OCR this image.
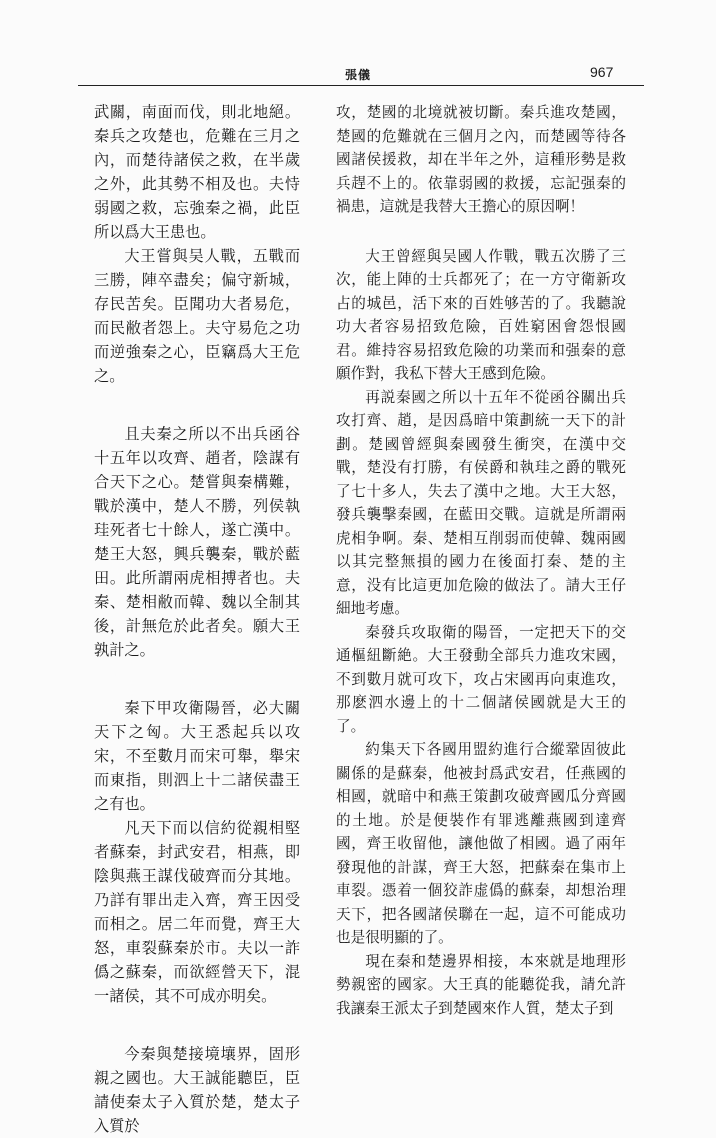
張儀	967

武關，南面而伐，則北地絕。秦兵之攻楚也，危難在三月之內，而楚待諸侯之救，在半歲之外，此其勢不相及也。夫恃弱國之救，忘強秦之禍，此臣所以爲大王患也。

大王嘗與吴人戰，五戰而三勝，陣卒盡矣；偏守新城，存民苦矣。臣聞功大者易危，而民敝者怨上。夫守易危之功而逆強秦之心，臣竊爲大王危之。

且夫秦之所以不出兵函谷十五年以攻齊、趙者，陰謀有合天下之心。楚嘗與秦構難，戰於漢中，楚人不勝，列侯執珪死者七十餘人，遂亡漢中。楚王大怒，興兵襲秦，戰於藍田。此所謂兩虎相搏者也。夫秦、楚相敝而韓、魏以全制其後，計無危於此者矣。願大王孰計之。

秦下甲攻衛陽晉，必大關天下之匈。大王悉起兵以攻宋，不至數月而宋可舉，舉宋而東指，則泗上十二諸侯盡王之有也。

凡天下而以信約從親相堅者蘇秦，封武安君，相燕，即陰與燕王謀伐破齊而分其地。乃詳有罪出走入齊，齊王因受而相之。居二年而覺，齊王大怒，車裂蘇秦於市。夫以一詐僞之蘇秦，而欲經營天下，混一諸侯，其不可成亦明矣。

今秦與楚接境壤界，固形親之國也。大王誠能聽臣，臣請使秦太子入質於楚，楚太子入質於

攻，楚國的北境就被切斷。秦兵進攻楚國，楚國的危難就在三個月之內，而楚國等待各國諸侯援救，却在半年之外，這種形勢是救兵趕不上的。依靠弱國的救援，忘記强秦的禍患，這就是我替大王擔心的原因啊！

大王曾經與吴國人作戰，戰五次勝了三次，能上陣的士兵都死了；在一方守衛新攻占的城邑，活下來的百姓够苦的了。我聽說功大者容易招致危險，百姓窮困會怨恨國君。維持容易招致危險的功業而和强秦的意願作對，我私下替大王感到危險。

再説秦國之所以十五年不從函谷關出兵攻打齊、趙，是因爲暗中策劃統一天下的計劃。楚國曾經與秦國發生衝突，在漢中交戰，楚没有打勝，有侯爵和執珪之爵的戰死了七十多人，失去了漢中之地。大王大怒，發兵襲擊秦國，在藍田交戰。這就是所謂兩虎相争啊。秦、楚相互削弱而使韓、魏兩國以其完整無損的國力在後面打秦、楚的主意，没有比這更加危險的做法了。請大王仔細地考慮。

秦發兵攻取衛的陽晉，一定把天下的交通樞紐斷絶。大王發動全部兵力進攻宋國，不到數月就可攻下，攻占宋國再向東進攻，那麽泗水邊上的十二個諸侯國就是大王的了。

約集天下各國用盟約進行合縱鞏固彼此關係的是蘇秦，他被封爲武安君，任燕國的相國，就暗中和燕王策劃攻破齊國瓜分齊國的土地。於是便裝作有罪逃離燕國到達齊國，齊王收留他，讓他做了相國。過了兩年發現他的計謀，齊王大怒，把蘇秦在集市上車裂。憑着一個狡詐虚僞的蘇秦，却想治理天下，把各國諸侯聯在一起，這不可能成功也是很明顯的了。

現在秦和楚邊界相接，本來就是地理形勢親密的國家。大王真的能聽從我，請允許我讓秦王派太子到楚國來作人質，楚太子到
